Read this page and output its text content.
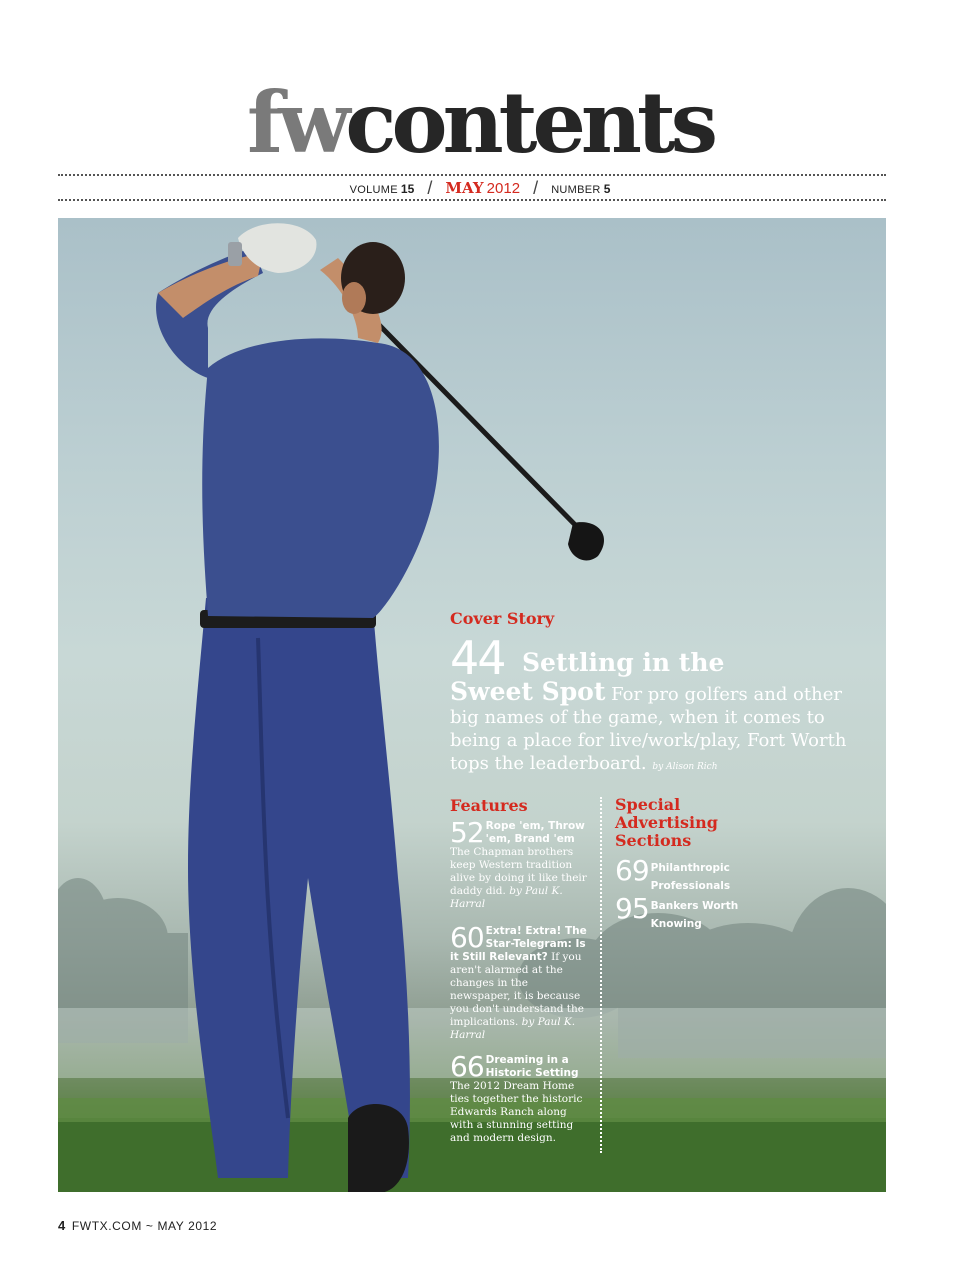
fwcontents
VOLUME 15 / MAY 2012 / NUMBER 5
Cover Story
44 Settling in the
Sweet Spot For pro golfers and other big names of the game, when it comes to being a place for live/work/play, Fort Worth tops the leaderboard. by Alison Rich
Features
52 Rope 'em, Throw 'em, Brand 'em The Chapman brothers keep Western tradition alive by doing it like their daddy did. by Paul K. Harral
60 Extra! Extra! The Star-Telegram: Is it Still Relevant? If you aren't alarmed at the changes in the newspaper, it is because you don't understand the implications. by Paul K. Harral
66 Dreaming in a Historic Setting The 2012 Dream Home ties together the historic Edwards Ranch along with a stunning setting and modern design.
Special Advertising Sections
69 Philanthropic Professionals
95 Bankers Worth Knowing
4 FWTX.COM ~ MAY 2012
